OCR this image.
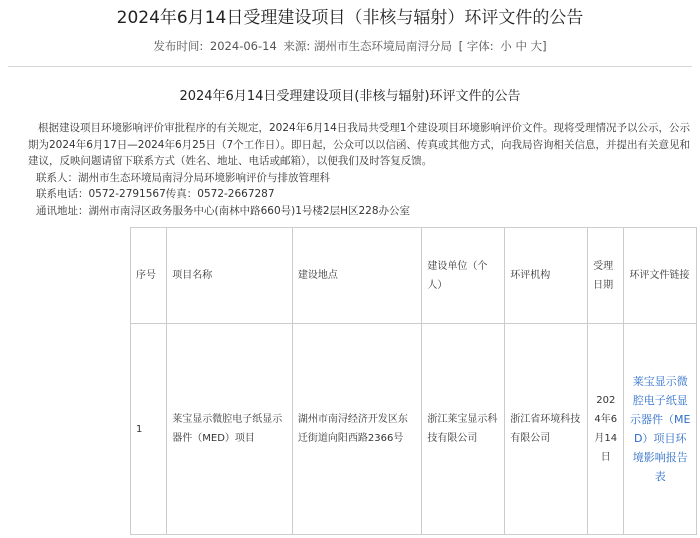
2024年6月14日受理建设项目（非核与辐射）环评文件的公告
发布时间: 2024-06-14 来源: 湖州市生态环境局南浔分局 [ 字体: 小 中 大]
2024年6月14日受理建设项目(非核与辐射)环评文件的公告
根据建设项目环境影响评价审批程序的有关规定，2024年6月14日我局共受理1个建设项目环境影响评价文件。现将受理情况予以公示，公示期为2024年6月17日—2024年6月25日（7个工作日）。即日起，公众可以以信函、传真或其他方式，向我局咨询相关信息，并提出有关意见和建议，反映问题请留下联系方式（姓名、地址、电话或邮箱），以便我们及时答复反馈。
联系人：湖州市生态环境局南浔分局环境影响评价与排放管理科
联系电话：0572-2791567传真：0572-2667287
通讯地址：湖州市南浔区政务服务中心(南林中路660号)1号楼2层H区228办公室
序号	项目名称	建设地点	建设单位（个人）	环评机构	受理日期	环评文件链接
1	莱宝显示微腔电子纸显示器件（MED）项目	湖州市南浔经济开发区东迁街道向阳西路2366号	浙江莱宝显示科技有限公司	浙江省环境科技有限公司	2024年6月14日	莱宝显示微腔电子纸显示器件（MED）项目环境影响报告表
